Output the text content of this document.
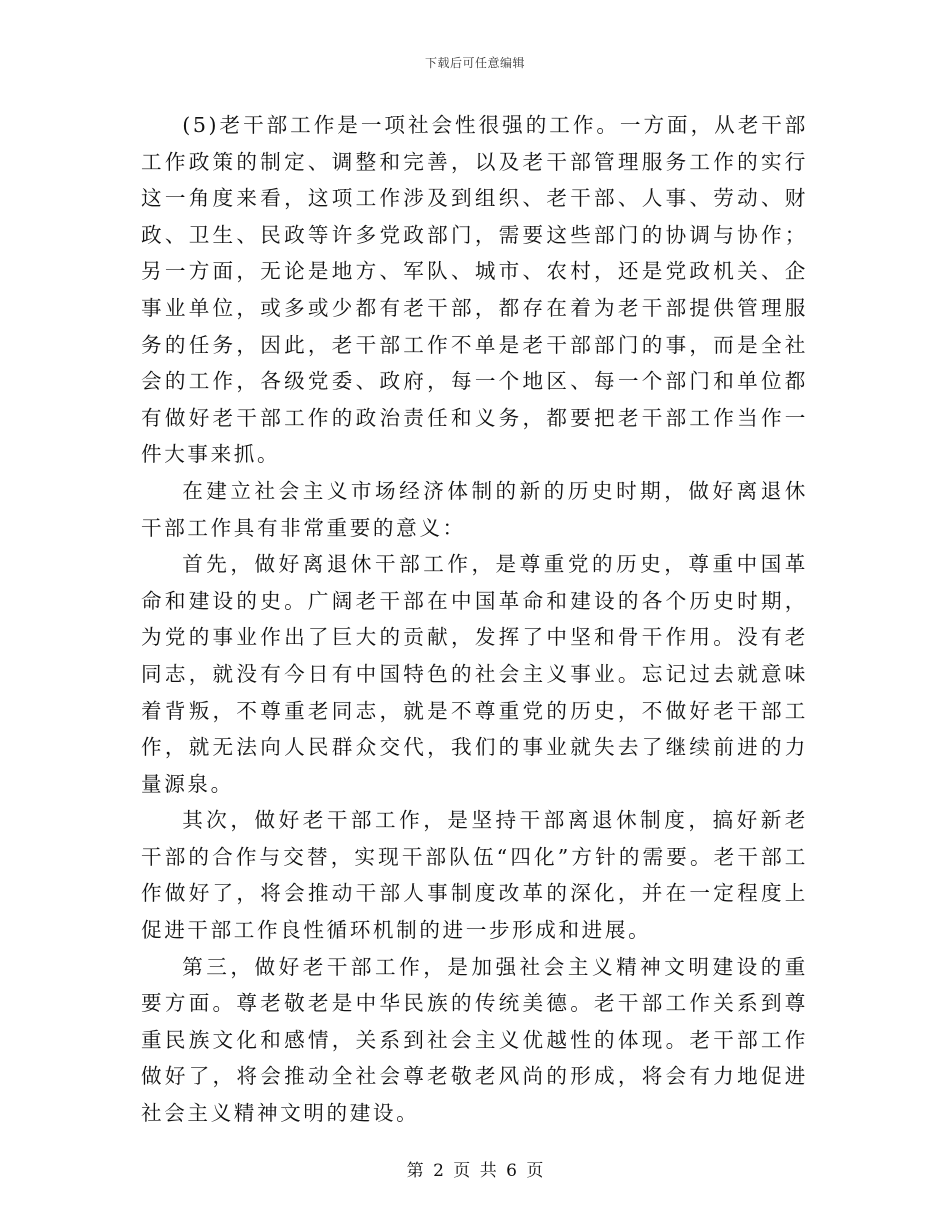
下载后可任意编辑

(5)老干部工作是一项社会性很强的工作。一方面，从老干部工作政策的制定、调整和完善，以及老干部管理服务工作的实行这一角度来看，这项工作涉及到组织、老干部、人事、劳动、财政、卫生、民政等许多党政部门，需要这些部门的协调与协作；另一方面，无论是地方、军队、城市、农村，还是党政机关、企事业单位，或多或少都有老干部，都存在着为老干部提供管理服务的任务，因此，老干部工作不单是老干部部门的事，而是全社会的工作，各级党委、政府，每一个地区、每一个部门和单位都有做好老干部工作的政治责任和义务，都要把老干部工作当作一件大事来抓。

在建立社会主义市场经济体制的新的历史时期，做好离退休干部工作具有非常重要的意义：

首先，做好离退休干部工作，是尊重党的历史，尊重中国革命和建设的史。广阔老干部在中国革命和建设的各个历史时期，为党的事业作出了巨大的贡献，发挥了中坚和骨干作用。没有老同志，就没有今日有中国特色的社会主义事业。忘记过去就意味着背叛，不尊重老同志，就是不尊重党的历史，不做好老干部工作，就无法向人民群众交代，我们的事业就失去了继续前进的力量源泉。

其次，做好老干部工作，是坚持干部离退休制度，搞好新老干部的合作与交替，实现干部队伍“四化”方针的需要。老干部工作做好了，将会推动干部人事制度改革的深化，并在一定程度上促进干部工作良性循环机制的进一步形成和进展。

第三，做好老干部工作，是加强社会主义精神文明建设的重要方面。尊老敬老是中华民族的传统美德。老干部工作关系到尊重民族文化和感情，关系到社会主义优越性的体现。老干部工作做好了，将会推动全社会尊老敬老风尚的形成，将会有力地促进社会主义精神文明的建设。

第 2 页 共 6 页
